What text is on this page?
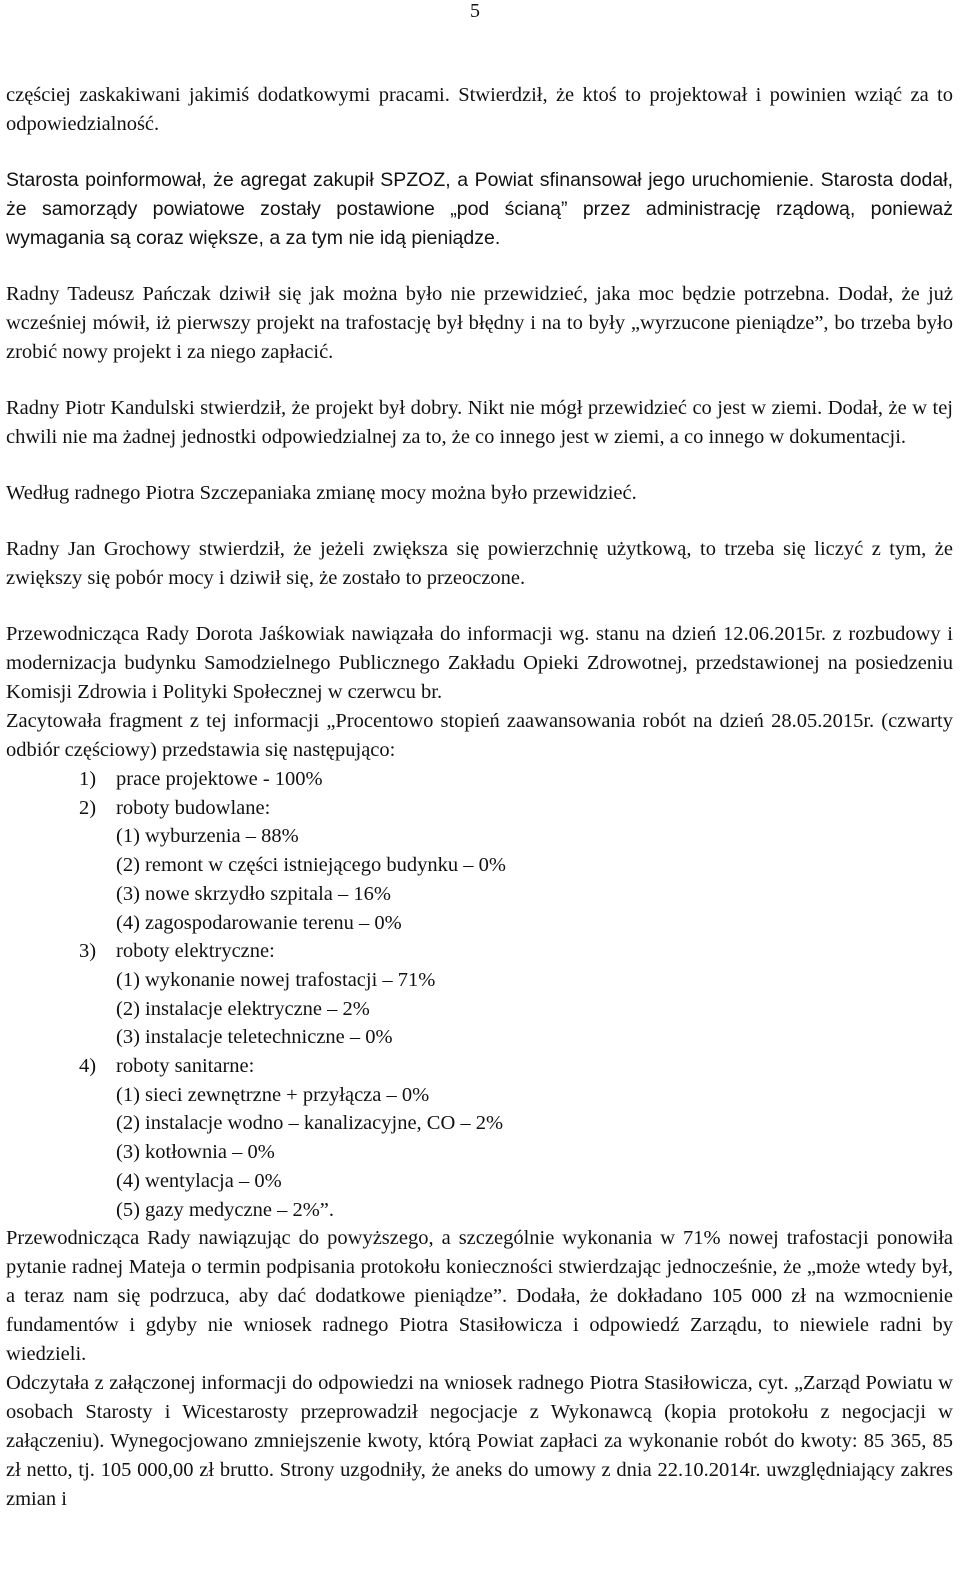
5

częściej zaskakiwani jakimiś dodatkowymi pracami. Stwierdził, że ktoś to projektował i powinien wziąć za to odpowiedzialność.

Starosta poinformował, że agregat zakupił SPZOZ, a Powiat sfinansował jego uruchomienie. Starosta dodał, że samorządy powiatowe zostały postawione „pod ścianą” przez administrację rządową, ponieważ wymagania są coraz większe, a za tym nie idą pieniądze.

Radny Tadeusz Pańczak dziwił się jak można było nie przewidzieć, jaka moc będzie potrzebna. Dodał, że już wcześniej mówił, iż pierwszy projekt na trafostację był błędny i na to były „wyrzucone pieniądze”, bo trzeba było zrobić nowy projekt i za niego zapłacić.

Radny Piotr Kandulski stwierdził, że projekt był dobry. Nikt nie mógł przewidzieć co jest w ziemi. Dodał, że w tej chwili nie ma żadnej jednostki odpowiedzialnej za to, że co innego jest w ziemi, a co innego w dokumentacji.

Według radnego Piotra Szczepaniaka zmianę mocy można było przewidzieć.

Radny Jan Grochowy stwierdził, że jeżeli zwiększa się powierzchnię użytkową, to trzeba się liczyć z tym, że zwiększy się pobór mocy i dziwił się, że zostało to przeoczone.

Przewodnicząca Rady Dorota Jaśkowiak nawiązała do informacji wg. stanu na dzień 12.06.2015r. z rozbudowy i modernizacja budynku Samodzielnego Publicznego Zakładu Opieki Zdrowotnej, przedstawionej na posiedzeniu Komisji Zdrowia i Polityki Społecznej w czerwcu br.

Zacytowała fragment z tej informacji „Procentowo stopień zaawansowania robót na dzień 28.05.2015r. (czwarty odbiór częściowy) przedstawia się następująco:

1) prace projektowe - 100%
2) roboty budowlane:
(1) wyburzenia – 88%
(2) remont w części istniejącego budynku – 0%
(3) nowe skrzydło szpitala – 16%
(4) zagospodarowanie terenu – 0%
3) roboty elektryczne:
(1) wykonanie nowej trafostacji – 71%
(2) instalacje elektryczne – 2%
(3) instalacje teletechniczne – 0%
4) roboty sanitarne:
(1) sieci zewnętrzne + przyłącza – 0%
(2) instalacje wodno – kanalizacyjne, CO – 2%
(3) kotłownia – 0%
(4) wentylacja – 0%
(5) gazy medyczne – 2%”.

Przewodnicząca Rady nawiązując do powyższego, a szczególnie wykonania w 71% nowej trafostacji ponowiła pytanie radnej Mateja o termin podpisania protokołu konieczności stwierdzając jednocześnie, że „może wtedy był, a teraz nam się podrzuca, aby dać dodatkowe pieniądze”. Dodała, że dokładano 105 000 zł na wzmocnienie fundamentów i gdyby nie wniosek radnego Piotra Stasiłowicza i odpowiedź Zarządu, to niewiele radni by wiedzieli.

Odczytała z załączonej informacji do odpowiedzi na wniosek radnego Piotra Stasiłowicza, cyt. „Zarząd Powiatu w osobach Starosty i Wicestarosty przeprowadził negocjacje z Wykonawcą (kopia protokołu z negocjacji w załączeniu). Wynegocjowano zmniejszenie kwoty, którą Powiat zapłaci za wykonanie robót do kwoty: 85 365, 85 zł netto, tj. 105 000,00 zł brutto. Strony uzgodniły, że aneks do umowy z dnia 22.10.2014r. uwzględniający zakres zmian i
